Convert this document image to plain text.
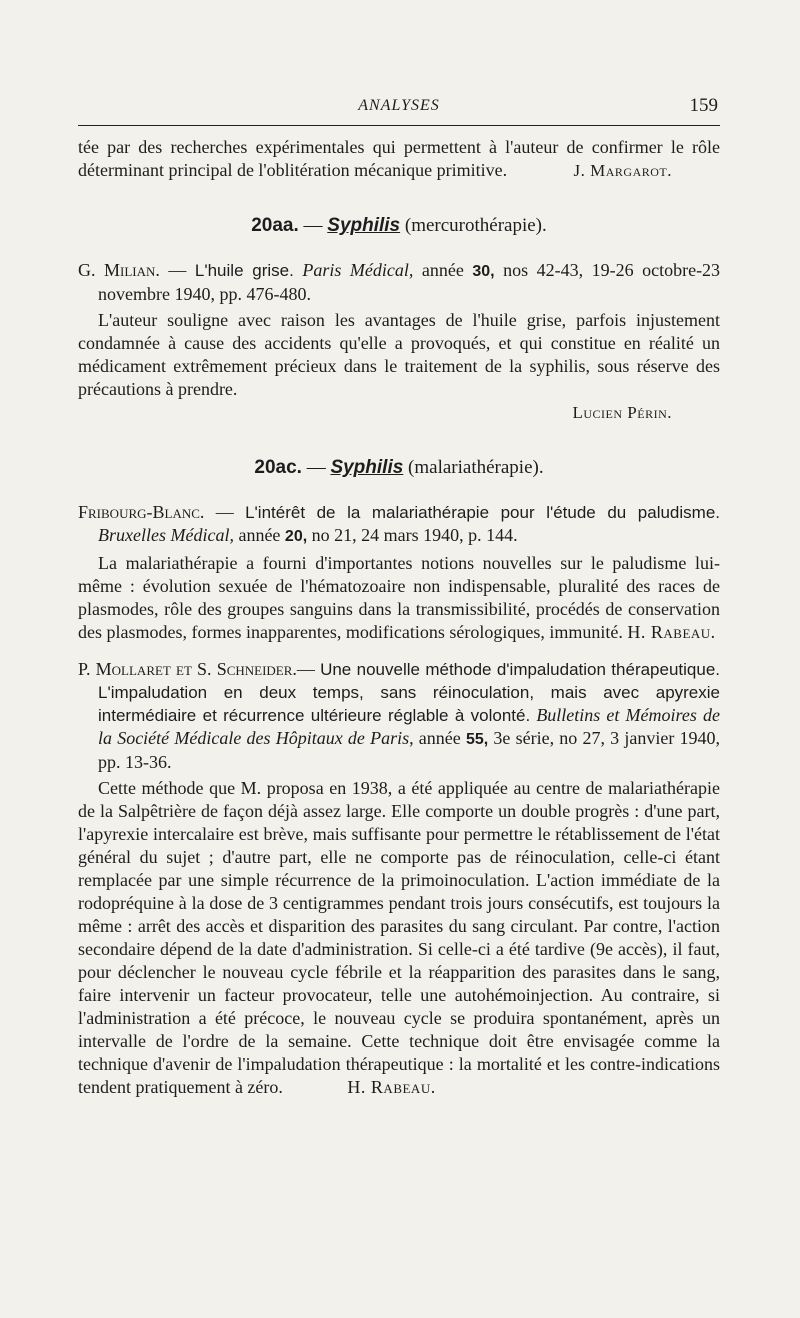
ANALYSES	159

tée par des recherches expérimentales qui permettent à l'auteur de confirmer le rôle déterminant principal de l'oblitération mécanique primitive.	J. Margarot.

20aa. — Syphilis (mercurothérapie).
G. Milian. — L'huile grise. Paris Médical, année 30, nos 42-43, 19-26 octobre-23 novembre 1940, pp. 476-480.

L'auteur souligne avec raison les avantages de l'huile grise, parfois injustement condamnée à cause des accidents qu'elle a provoqués, et qui constitue en réalité un médicament extrêmement précieux dans le traitement de la syphilis, sous réserve des précautions à prendre.

Lucien Périn.

20ac. — Syphilis (malariathérapie).
Fribourg-Blanc. — L'intérêt de la malariathérapie pour l'étude du paludisme. Bruxelles Médical, année 20, no 21, 24 mars 1940, p. 144.

La malariathérapie a fourni d'importantes notions nouvelles sur le paludisme lui-même : évolution sexuée de l'hématozoaire non indispensable, pluralité des races de plasmodes, rôle des groupes sanguins dans la transmissibilité, procédés de conservation des plasmodes, formes inapparentes, modifications sérologiques, immunité. H. Rabeau.

P. Mollaret et S. Schneider.— Une nouvelle méthode d'impaludation thérapeutique. L'impaludation en deux temps, sans réinoculation, mais avec apyrexie intermédiaire et récurrence ultérieure réglable à volonté. Bulletins et Mémoires de la Société Médicale des Hôpitaux de Paris, année 55, 3e série, no 27, 3 janvier 1940, pp. 13-36.

Cette méthode que M. proposa en 1938, a été appliquée au centre de malariathérapie de la Salpêtrière de façon déjà assez large. Elle comporte un double progrès : d'une part, l'apyrexie intercalaire est brève, mais suffisante pour permettre le rétablissement de l'état général du sujet ; d'autre part, elle ne comporte pas de réinoculation, celle-ci étant remplacée par une simple récurrence de la primoinoculation. L'action immédiate de la rodopréquine à la dose de 3 centigrammes pendant trois jours consécutifs, est toujours la même : arrêt des accès et disparition des parasites du sang circulant. Par contre, l'action secondaire dépend de la date d'administration. Si celle-ci a été tardive (9e accès), il faut, pour déclencher le nouveau cycle fébrile et la réapparition des parasites dans le sang, faire intervenir un facteur provocateur, telle une autohémoinjection. Au contraire, si l'administration a été précoce, le nouveau cycle se produira spontanément, après un intervalle de l'ordre de la semaine. Cette technique doit être envisagée comme la technique d'avenir de l'impaludation thérapeutique : la mortalité et les contre-indications tendent pratiquement à zéro.	H. Rabeau.
